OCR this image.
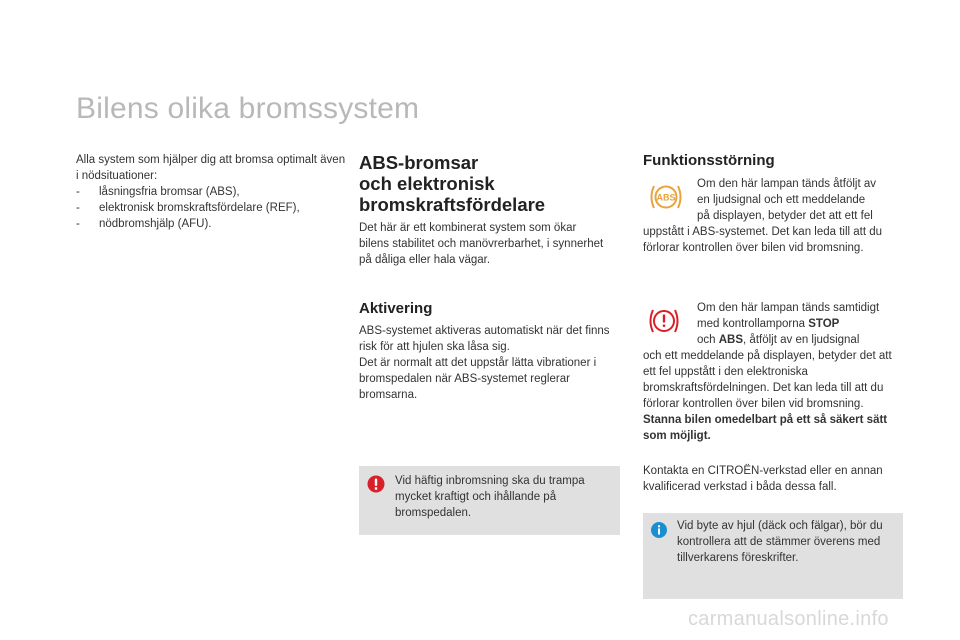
Bilens olika bromssystem
Alla system som hjälper dig att bromsa optimalt även i nödsituationer:
- låsningsfria bromsar (ABS),
- elektronisk bromskraftsfördelare (REF),
- nödbromshjälp (AFU).
ABS-bromsar
och elektronisk
bromskraftsfördelare
Det här är ett kombinerat system som ökar bilens stabilitet och manövrerbarhet, i synnerhet på dåliga eller hala vägar.
Aktivering
ABS-systemet aktiveras automatiskt när det finns risk för att hjulen ska låsa sig.
Det är normalt att det uppstår lätta vibrationer i bromspedalen när ABS-systemet reglerar bromsarna.
Vid häftig inbromsning ska du trampa mycket kraftigt och ihållande på bromspedalen.
Funktionsstörning
ABS
Om den här lampan tänds åtföljt av
en ljudsignal och ett meddelande
på displayen, betyder det att ett fel
uppstått i ABS-systemet. Det kan leda till att du förlorar kontrollen över bilen vid bromsning.
Om den här lampan tänds samtidigt
med kontrollamporna STOP
och ABS, åtföljt av en ljudsignal
och ett meddelande på displayen, betyder det att ett fel uppstått i den elektroniska bromskraftsfördelningen. Det kan leda till att du förlorar kontrollen över bilen vid bromsning.
Stanna bilen omedelbart på ett så säkert sätt som möjligt.
Kontakta en CITROËN-verkstad eller en annan kvalificerad verkstad i båda dessa fall.
Vid byte av hjul (däck och fälgar), bör du kontrollera att de stämmer överens med tillverkarens föreskrifter.
carmanualsonline.info
